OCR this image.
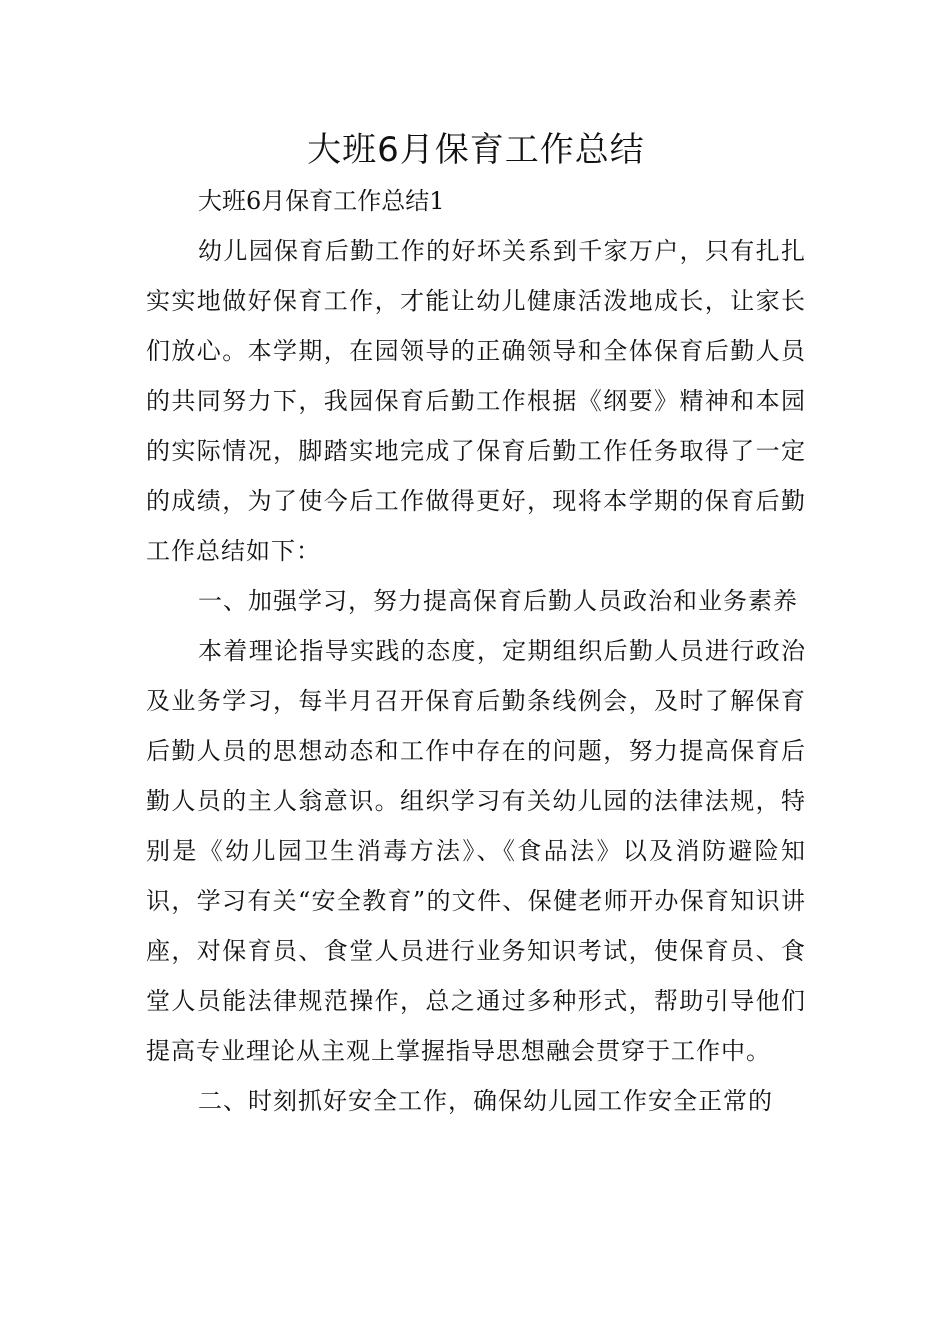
大班6月保育工作总结

大班6月保育工作总结1

幼儿园保育后勤工作的好坏关系到千家万户，只有扎扎实实地做好保育工作，才能让幼儿健康活泼地成长，让家长们放心。本学期，在园领导的正确领导和全体保育后勤人员的共同努力下，我园保育后勤工作根据《纲要》精神和本园的实际情况，脚踏实地完成了保育后勤工作任务取得了一定的成绩，为了使今后工作做得更好，现将本学期的保育后勤工作总结如下：

一、加强学习，努力提高保育后勤人员政治和业务素养

本着理论指导实践的态度，定期组织后勤人员进行政治及业务学习，每半月召开保育后勤条线例会，及时了解保育后勤人员的思想动态和工作中存在的问题，努力提高保育后勤人员的主人翁意识。组织学习有关幼儿园的法律法规，特别是《幼儿园卫生消毒方法》、《食品法》以及消防避险知识，学习有关“安全教育”的文件、保健老师开办保育知识讲座，对保育员、食堂人员进行业务知识考试，使保育员、食堂人员能法律规范操作，总之通过多种形式，帮助引导他们提高专业理论从主观上掌握指导思想融会贯穿于工作中。

二、时刻抓好安全工作，确保幼儿园工作安全正常的
